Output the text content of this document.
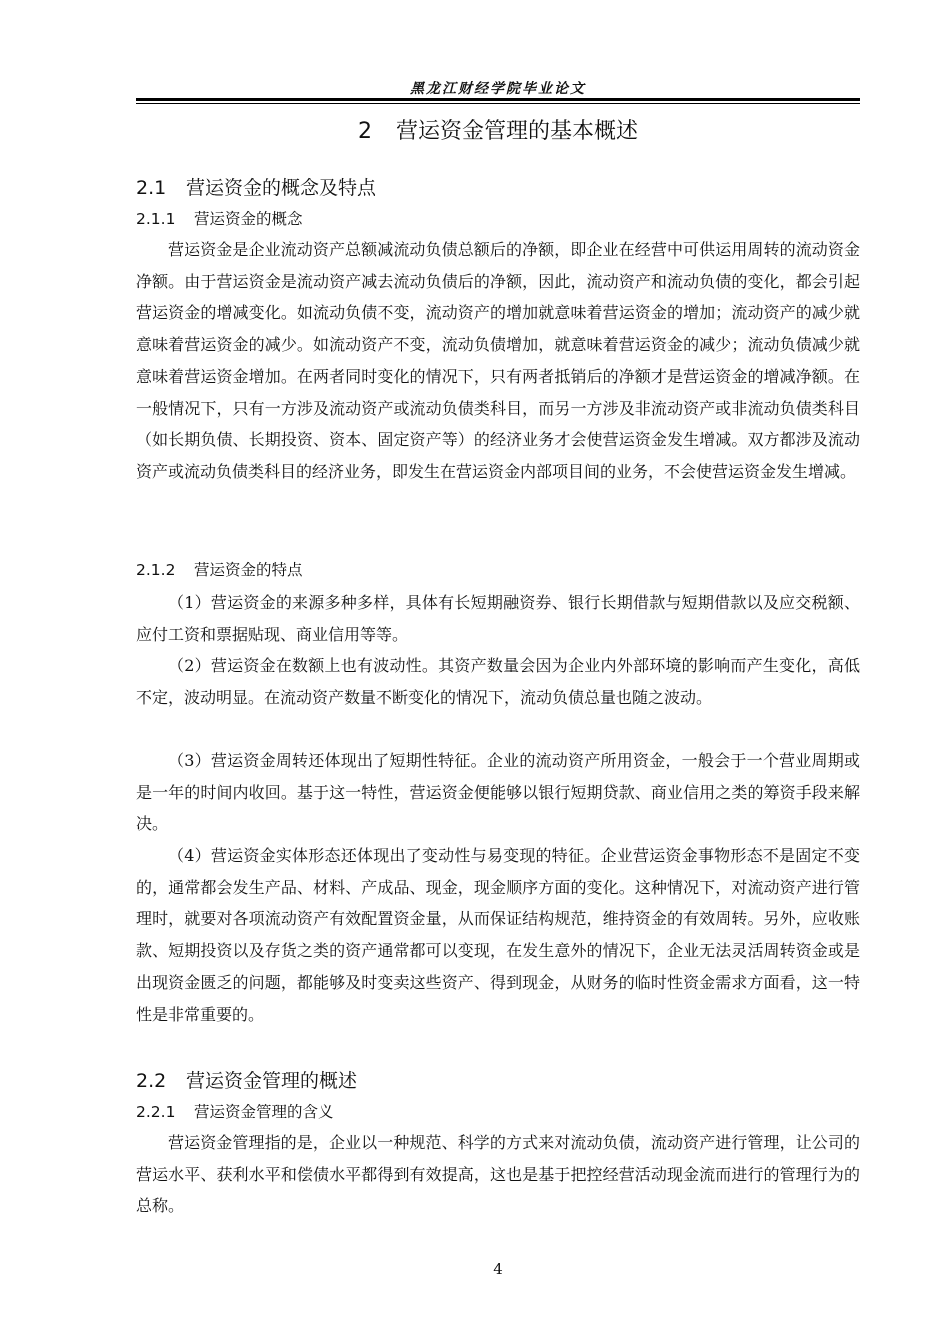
黑龙江财经学院毕业论文
2 营运资金管理的基本概述
2.1 营运资金的概念及特点
2.1.1 营运资金的概念

营运资金是企业流动资产总额减流动负债总额后的净额，即企业在经营中可供运用周转的流动资金净额。由于营运资金是流动资产减去流动负债后的净额，因此，流动资产和流动负债的变化，都会引起营运资金的增减变化。如流动负债不变，流动资产的增加就意味着营运资金的增加；流动资产的减少就意味着营运资金的减少。如流动资产不变，流动负债增加，就意味着营运资金的减少；流动负债减少就意味着营运资金增加。在两者同时变化的情况下，只有两者抵销后的净额才是营运资金的增减净额。在一般情况下，只有一方涉及流动资产或流动负债类科目，而另一方涉及非流动资产或非流动负债类科目（如长期负债、长期投资、资本、固定资产等）的经济业务才会使营运资金发生增减。双方都涉及流动资产或流动负债类科目的经济业务，即发生在营运资金内部项目间的业务，不会使营运资金发生增减。

2.1.2 营运资金的特点

（1）营运资金的来源多种多样，具体有长短期融资券、银行长期借款与短期借款以及应交税额、应付工资和票据贴现、商业信用等等。

（2）营运资金在数额上也有波动性。其资产数量会因为企业内外部环境的影响而产生变化，高低不定，波动明显。在流动资产数量不断变化的情况下，流动负债总量也随之波动。

（3）营运资金周转还体现出了短期性特征。企业的流动资产所用资金，一般会于一个营业周期或是一年的时间内收回。基于这一特性，营运资金便能够以银行短期贷款、商业信用之类的筹资手段来解决。

（4）营运资金实体形态还体现出了变动性与易变现的特征。企业营运资金事物形态不是固定不变的，通常都会发生产品、材料、产成品、现金，现金顺序方面的变化。这种情况下，对流动资产进行管理时，就要对各项流动资产有效配置资金量，从而保证结构规范，维持资金的有效周转。另外，应收账款、短期投资以及存货之类的资产通常都可以变现，在发生意外的情况下，企业无法灵活周转资金或是出现资金匮乏的问题，都能够及时变卖这些资产、得到现金，从财务的临时性资金需求方面看，这一特性是非常重要的。

2.2 营运资金管理的概述
2.2.1 营运资金管理的含义

营运资金管理指的是，企业以一种规范、科学的方式来对流动负债，流动资产进行管理，让公司的营运水平、获利水平和偿债水平都得到有效提高，这也是基于把控经营活动现金流而进行的管理行为的总称。

4
